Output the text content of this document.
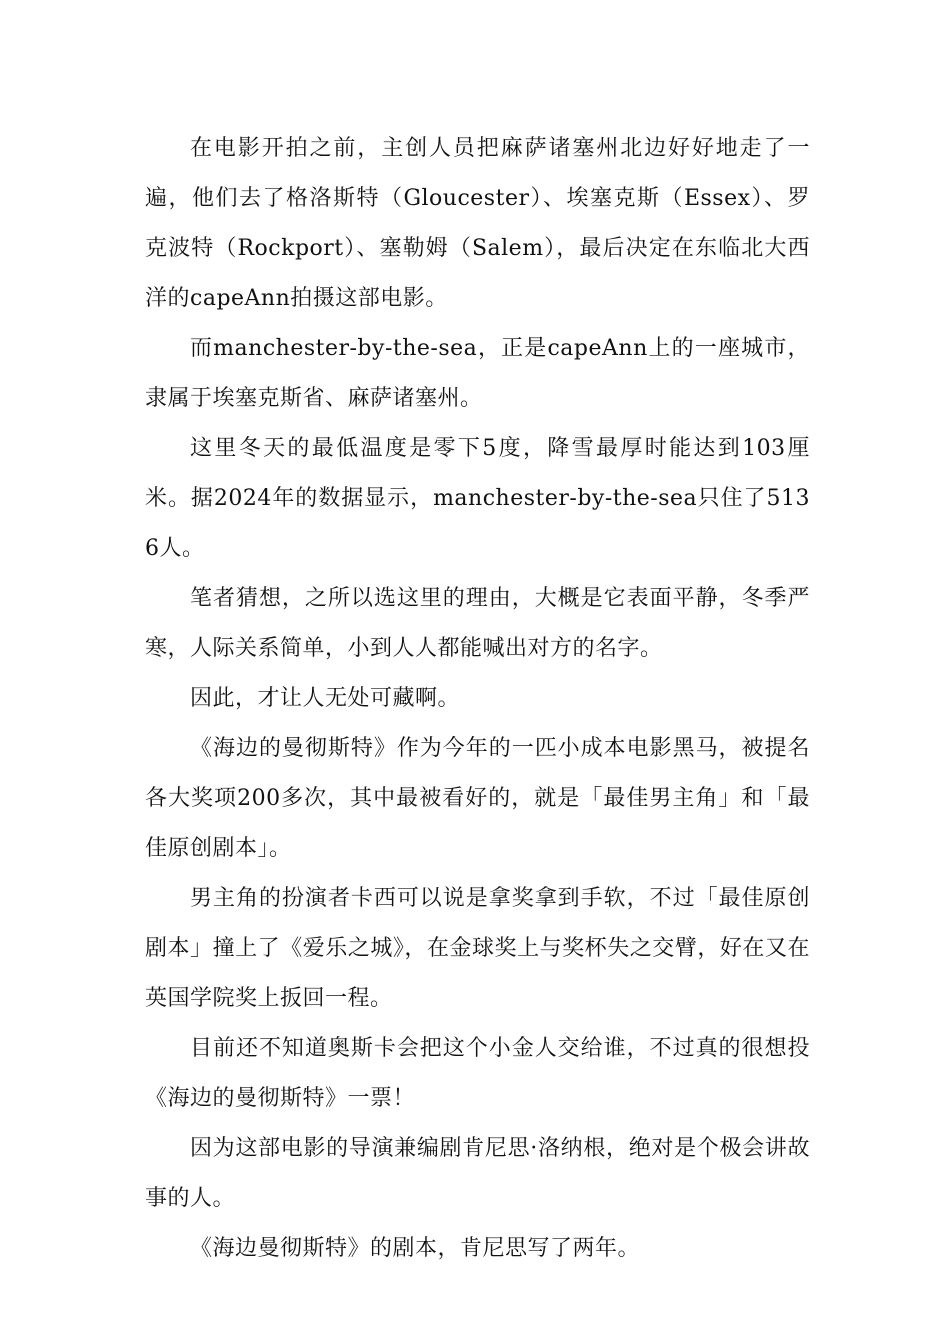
在电影开拍之前，主创人员把麻萨诸塞州北边好好地走了一遍，他们去了格洛斯特（Gloucester）、埃塞克斯（Essex）、罗克波特（Rockport）、塞勒姆（Salem），最后决定在东临北大西洋的capeAnn拍摄这部电影。

而manchester-by-the-sea，正是capeAnn上的一座城市，隶属于埃塞克斯省、麻萨诸塞州。

这里冬天的最低温度是零下5度，降雪最厚时能达到103厘米。据2024年的数据显示，manchester-by-the-sea只住了5136人。

笔者猜想，之所以选这里的理由，大概是它表面平静，冬季严寒，人际关系简单，小到人人都能喊出对方的名字。

因此，才让人无处可藏啊。

《海边的曼彻斯特》作为今年的一匹小成本电影黑马，被提名各大奖项200多次，其中最被看好的，就是「最佳男主角」和「最佳原创剧本」。

男主角的扮演者卡西可以说是拿奖拿到手软，不过「最佳原创剧本」撞上了《爱乐之城》，在金球奖上与奖杯失之交臂，好在又在英国学院奖上扳回一程。

目前还不知道奥斯卡会把这个小金人交给谁，不过真的很想投《海边的曼彻斯特》一票！

因为这部电影的导演兼编剧肯尼思·洛纳根，绝对是个极会讲故事的人。

《海边曼彻斯特》的剧本，肯尼思写了两年。
